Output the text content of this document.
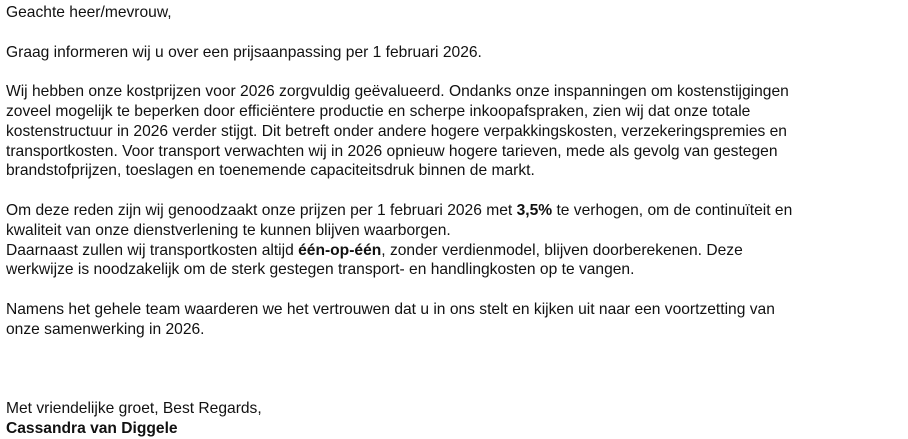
Geachte heer/mevrouw,

Graag informeren wij u over een prijsaanpassing per 1 februari 2026.

Wij hebben onze kostprijzen voor 2026 zorgvuldig geëvalueerd. Ondanks onze inspanningen om kostenstijgingen
zoveel mogelijk te beperken door efficiëntere productie en scherpe inkoopafspraken, zien wij dat onze totale
kostenstructuur in 2026 verder stijgt. Dit betreft onder andere hogere verpakkingskosten, verzekeringspremies en
transportkosten. Voor transport verwachten wij in 2026 opnieuw hogere tarieven, mede als gevolg van gestegen
brandstofprijzen, toeslagen en toenemende capaciteitsdruk binnen de markt.

Om deze reden zijn wij genoodzaakt onze prijzen per 1 februari 2026 met 3,5% te verhogen, om de continuïteit en
kwaliteit van onze dienstverlening te kunnen blijven waarborgen.
Daarnaast zullen wij transportkosten altijd één-op-één, zonder verdienmodel, blijven doorberekenen. Deze
werkwijze is noodzakelijk om de sterk gestegen transport- en handlingkosten op te vangen.

Namens het gehele team waarderen we het vertrouwen dat u in ons stelt en kijken uit naar een voortzetting van
onze samenwerking in 2026.

Met vriendelijke groet, Best Regards,
Cassandra van Diggele
